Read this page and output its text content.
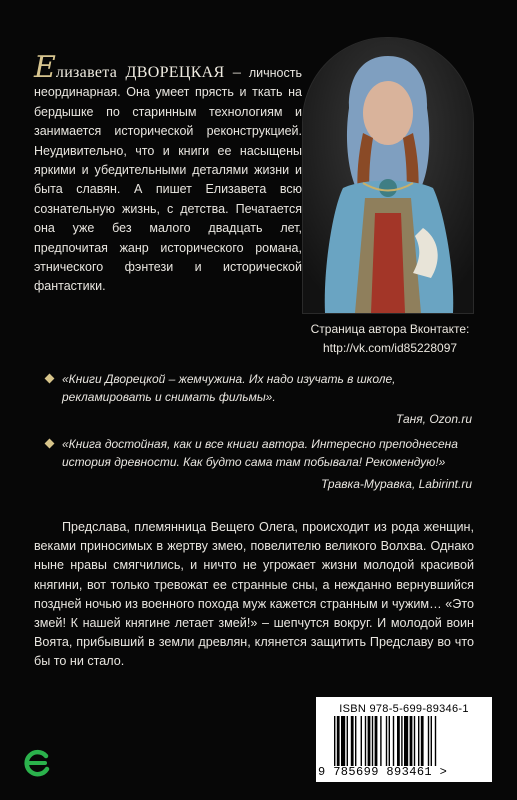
Елизавета ДВОРЕЦКАЯ – личность неординарная. Она умеет прясть и ткать на бердышке по старинным технологиям и занимается исторической реконструкцией. Неудивительно, что и книги ее насыщены яркими и убедительными деталями жизни и быта славян. А пишет Елизавета всю сознательную жизнь, с детства. Печатается она уже без малого двадцать лет, предпочитая жанр исторического романа, этнического фэнтези и исторической фантастики.
Страница автора Вконтакте:
http://vk.com/id85228097
«Книги Дворецкой – жемчужина. Их надо изучать в школе, рекламировать и снимать фильмы».
Таня, Ozon.ru
«Книга достойная, как и все книги автора. Интересно преподнесена история древности. Как будто сама там побывала! Рекомендую!»
Травка-Муравка, Labirint.ru
Предслава, племянница Вещего Олега, происходит из рода женщин, веками приносимых в жертву змею, повелителю великого Волхва. Однако ныне нравы смягчились, и ничто не угрожает жизни молодой красивой княгини, вот только тревожат ее странные сны, а нежданно вернувшийся поздней ночью из военного похода муж кажется странным и чужим… «Это змей! К нашей княгине летает змей!» – шепчутся вокруг. И молодой воин Воята, прибывший в земли древлян, клянется защитить Предславу во что бы то ни стало.
ISBN 978-5-699-89346-1
9 785699 893461 >
